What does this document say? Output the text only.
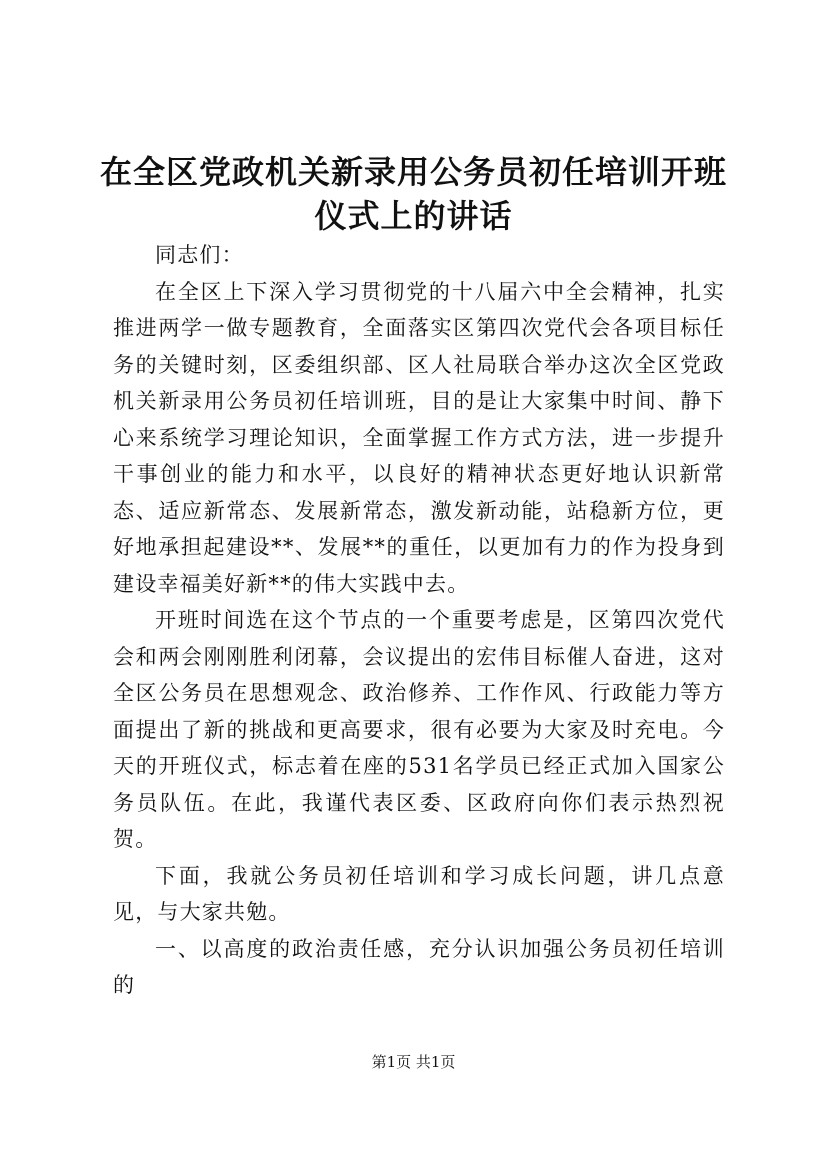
在全区党政机关新录用公务员初任培训开班仪式上的讲话

同志们：

在全区上下深入学习贯彻党的十八届六中全会精神，扎实推进两学一做专题教育，全面落实区第四次党代会各项目标任务的关键时刻，区委组织部、区人社局联合举办这次全区党政机关新录用公务员初任培训班，目的是让大家集中时间、静下心来系统学习理论知识，全面掌握工作方式方法，进一步提升干事创业的能力和水平，以良好的精神状态更好地认识新常态、适应新常态、发展新常态，激发新动能，站稳新方位，更好地承担起建设**、发展**的重任，以更加有力的作为投身到建设幸福美好新**的伟大实践中去。

开班时间选在这个节点的一个重要考虑是，区第四次党代会和两会刚刚胜利闭幕，会议提出的宏伟目标催人奋进，这对全区公务员在思想观念、政治修养、工作作风、行政能力等方面提出了新的挑战和更高要求，很有必要为大家及时充电。今天的开班仪式，标志着在座的531名学员已经正式加入国家公务员队伍。在此，我谨代表区委、区政府向你们表示热烈祝贺。

下面，我就公务员初任培训和学习成长问题，讲几点意见，与大家共勉。

一、以高度的政治责任感，充分认识加强公务员初任培训的

第1页 共1页
